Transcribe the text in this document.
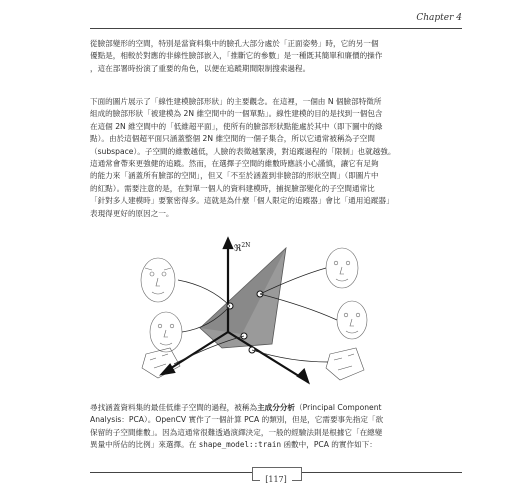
Chapter 4
從臉部變形的空間，特別是當資料集中的臉孔大部分處於「正面姿勢」時，它的另一個
優點是，相較於對應的非線性臉部嵌入，「推斷它的參數」是一種既其簡單和廉價的操作
，這在部署時扮演了重要的角色，以便在追蹤期間限制搜索過程。
下面的圖片展示了「線性建模臉部形狀」的主要觀念。在這裡，一個由 N 個臉部特徵所
組成的臉部形狀「被建模為 2N 維空間中的一個單點」。線性建模的目的是找到一個包含
在這個 2N 維空間中的「低維超平面」，使所有的臉部形狀點能處於其中（即下圖中的綠
點）。由於這個超平面只涵蓋整個 2N 維空間的一個子集合，所以它通常被稱為子空間
（subspace）。子空間的維數越低，人臉的表徵越緊湊，對追蹤過程的「限制」也就越強。
這通常會帶來更強健的追蹤。然而，在選擇子空間的維數時應該小心謹慎，讓它有足夠
的能力來「涵蓋所有臉部的空間」，但又「不至於涵蓋到非臉部的形狀空間」（即圖片中
的紅點）。需要注意的是，在對單一個人的資料建模時，捕捉臉部變化的子空間通常比
「針對多人建模時」要緊密得多。這就是為什麼「個人限定的追蹤器」會比「通用追蹤器」
表現得更好的原因之一。
ℜ$^{2N}$
尋找涵蓋資料集的最佳低維子空間的過程，被稱為主成分分析（Principal Component
Analysis：PCA）。OpenCV 實作了一個計算 PCA 的類別，但是，它需要事先指定「欲
保留的子空間維數」。因為這通常很難透過演繹決定，一般的經驗法則是根據它「在總變
異量中所佔的比例」來選擇。在 shape_model::train 函數中，PCA 的實作如下：
[117]
